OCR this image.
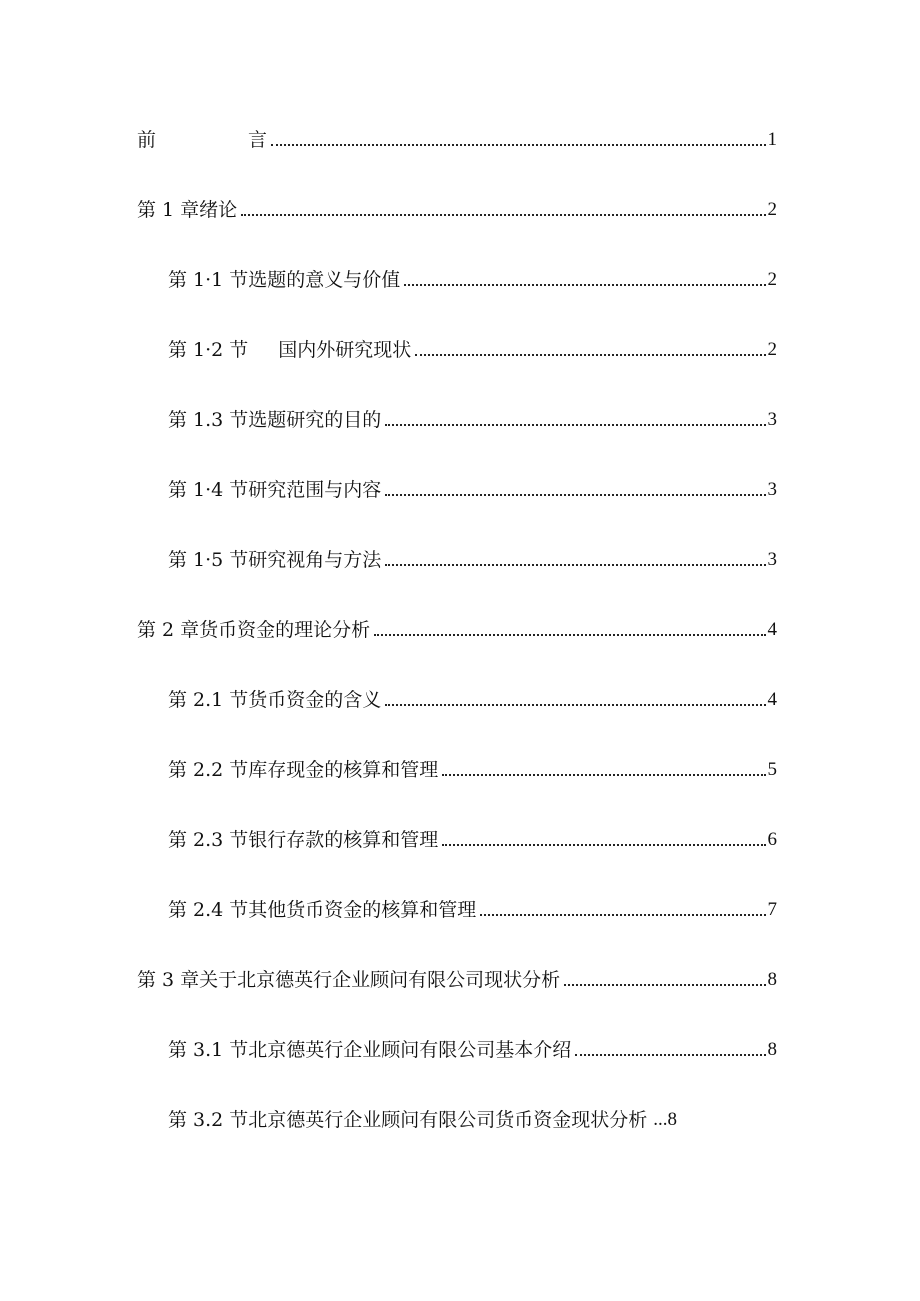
前	言	1
第 1 章绪论	2
第 1·1 节选题的意义与价值	2
第 1·2 节 国内外研究现状	2
第 1.3 节选题研究的目的	3
第 1·4 节研究范围与内容	3
第 1·5 节研究视角与方法	3
第 2 章货币资金的理论分析	4
第 2.1 节货币资金的含义	4
第 2.2 节库存现金的核算和管理	5
第 2.3 节银行存款的核算和管理	6
第 2.4 节其他货币资金的核算和管理	7
第 3 章关于北京德英行企业顾问有限公司现状分析	8
第 3.1 节北京德英行企业顾问有限公司基本介绍	8
第 3.2 节北京德英行企业顾问有限公司货币资金现状分析 ...8
